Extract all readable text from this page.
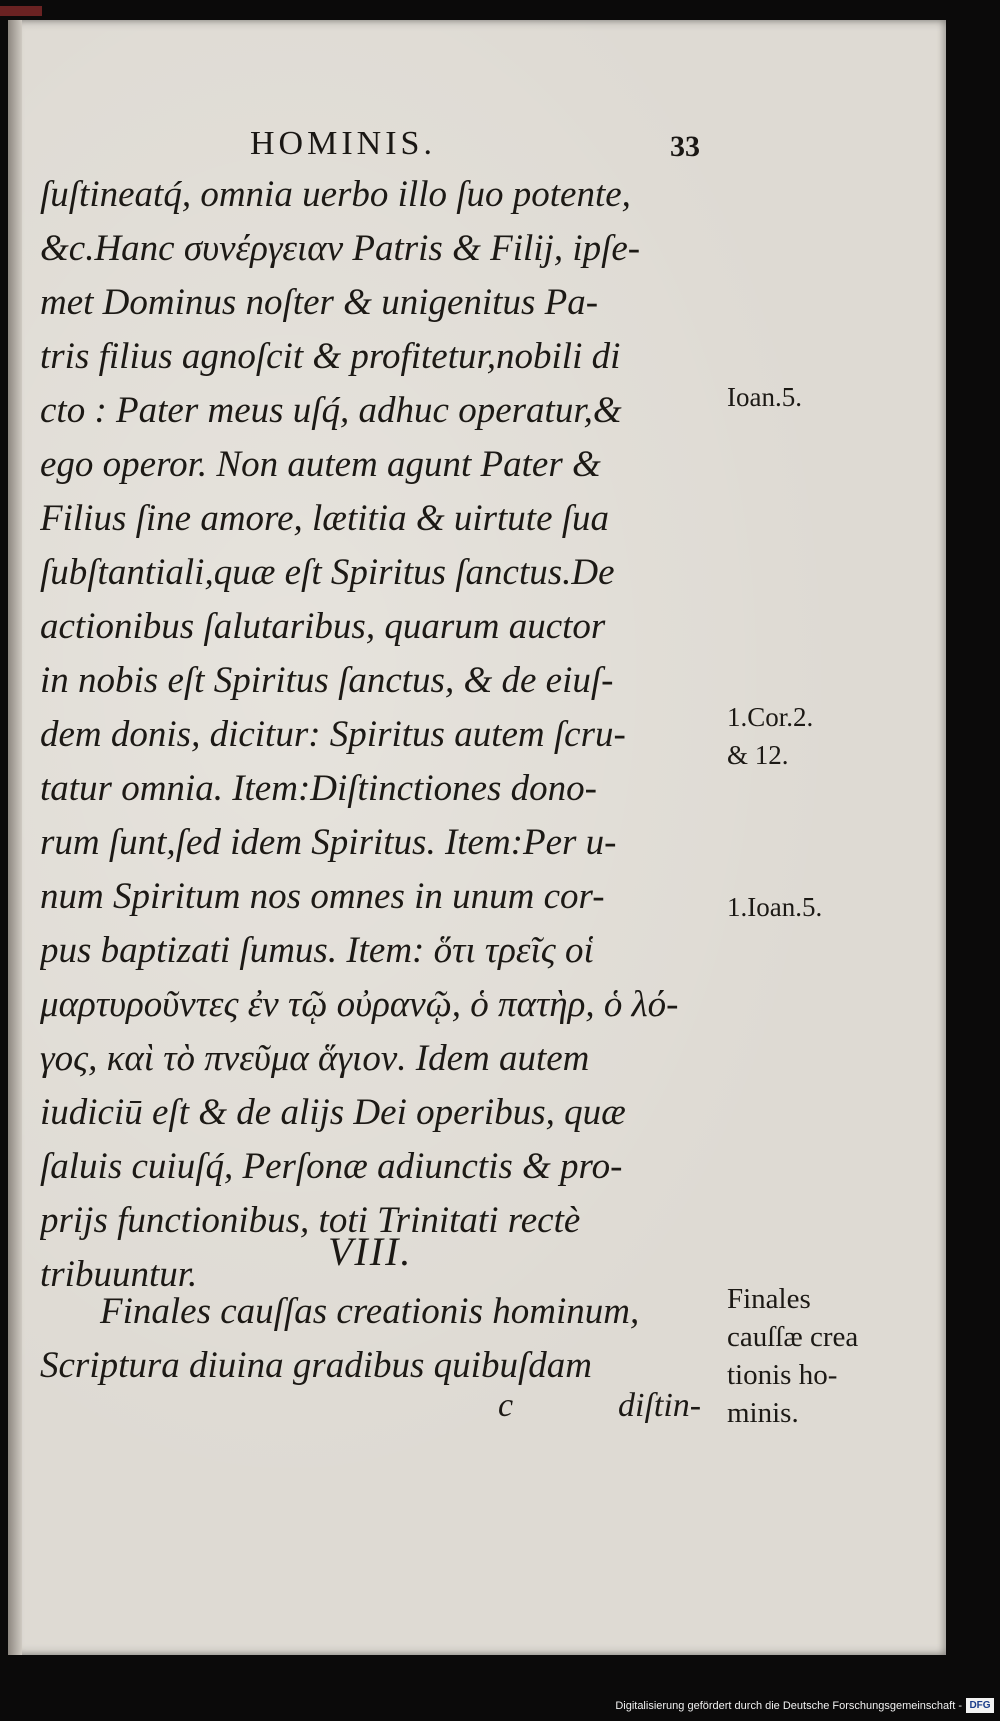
HOMINIS.	33
ſuſtineatq́, omnia uerbo illo ſuo potente,
&c.Hanc συνέργειαν Patris & Filij, ipſe-
met Dominus noſter & unigenitus Pa-
tris filius agnoſcit & profitetur,nobili di
cto : Pater meus uſq́, adhuc operatur,&
ego operor. Non autem agunt Pater &
Filius ſine amore, lætitia & uirtute ſua
ſubſtantiali,quæ eſt Spiritus ſanctus.De
actionibus ſalutaribus, quarum auctor
in nobis eſt Spiritus ſanctus, & de eiuſ-
dem donis, dicitur: Spiritus autem ſcru-
tatur omnia. Item:Diſtinctiones dono-
rum ſunt,ſed idem Spiritus. Item:Per u-
num Spiritum nos omnes in unum cor-
pus baptizati ſumus. Item: ὅτι τρεῖς οἱ
μαρτυροῦντες ἐν τῷ οὐρανῷ, ὁ πατὴρ, ὁ λό-
γος, καὶ τὸ πνεῦμα ἅγιον. Idem autem
iudiciū eſt & de alijs Dei operibus, quæ
ſaluis cuiuſq́, Perſonæ adiunctis & pro-
prijs functionibus, toti Trinitati rectè
tribuuntur.
VIII.
Finales cauſſas creationis hominum,
Scriptura diuina gradibus quibuſdam
c	diſtin-
Ioan.5.
1.Cor.2.
& 12.
1.Ioan.5.
Finales cauſſæ crea tionis ho- minis.
Digitalisierung gefördert durch die Deutsche Forschungsgemeinschaft - DFG
